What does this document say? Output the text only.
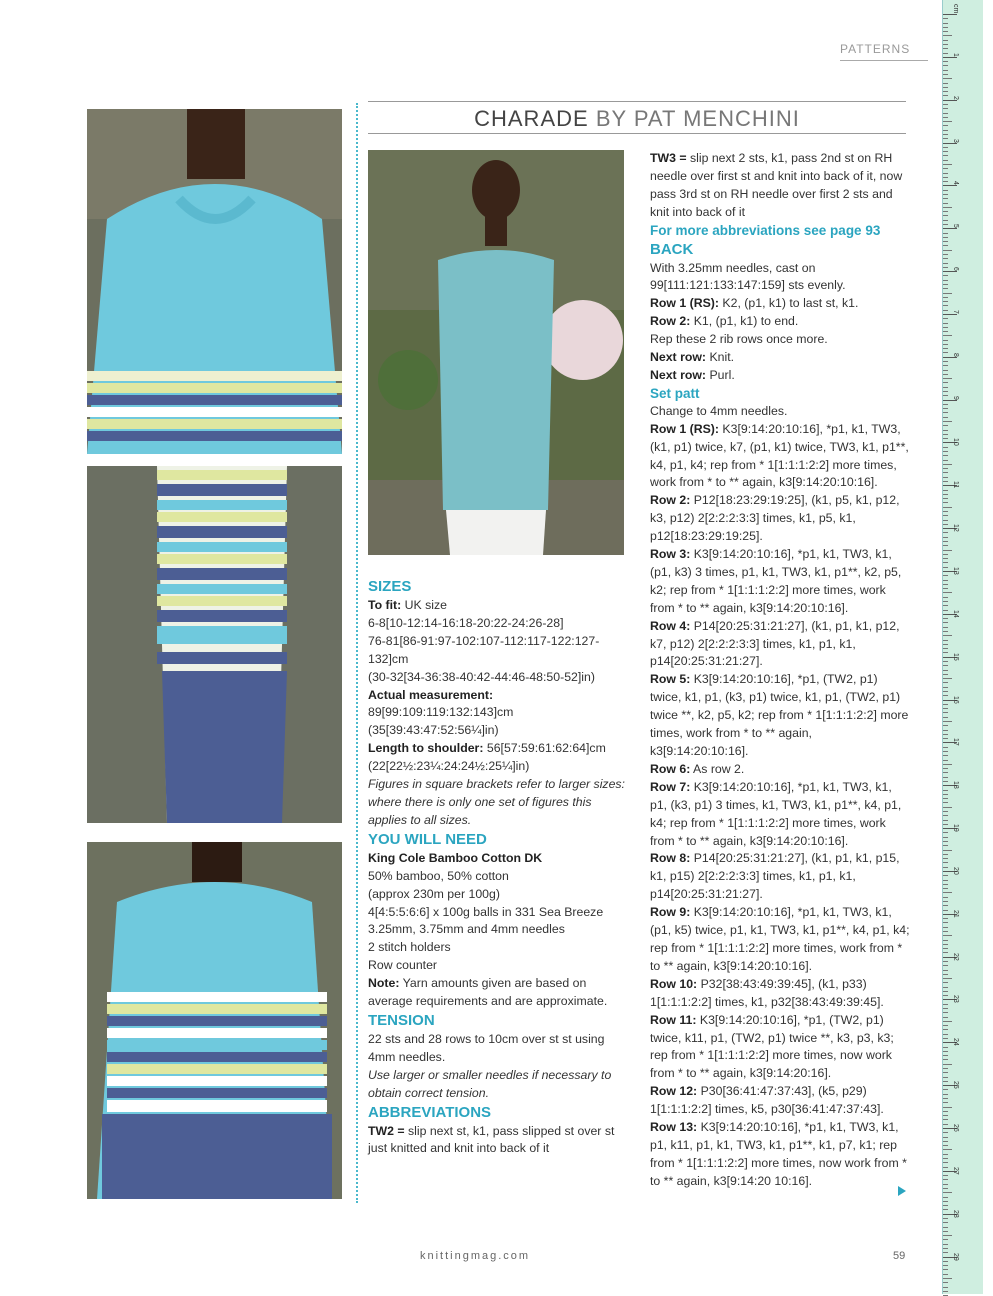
PATTERNS
CHARADE BY PAT MENCHINI

SIZES

To fit: UK size

6-8[10-12:14-16:18-20:22-24:26-28]

76-81[86-91:97-102:107-112:117-122:127-132]cm

(30-32[34-36:38-40:42-44:46-48:50-52]in)

Actual measurement:

89[99:109:119:132:143]cm

(35[39:43:47:52:56¼]in)

Length to shoulder: 56[57:59:61:62:64]cm

(22[22½:23¼:24:24½:25¼]in)

Figures in square brackets refer to larger sizes: where there is only one set of figures this applies to all sizes.

YOU WILL NEED

King Cole Bamboo Cotton DK

50% bamboo, 50% cotton

(approx 230m per 100g)

4[4:5:5:6:6] x 100g balls in 331 Sea Breeze

3.25mm, 3.75mm and 4mm needles

2 stitch holders

Row counter

Note: Yarn amounts given are based on average requirements and are approximate.

TENSION

22 sts and 28 rows to 10cm over st st using 4mm needles.

Use larger or smaller needles if necessary to obtain correct tension.

ABBREVIATIONS

TW2 = slip next st, k1, pass slipped st over st just knitted and knit into back of it

TW3 = slip next 2 sts, k1, pass 2nd st on RH needle over first st and knit into back of it, now pass 3rd st on RH needle over first 2 sts and knit into back of it

For more abbreviations see page 93

BACK

With 3.25mm needles, cast on 99[111:121:133:147:159] sts evenly.

Row 1 (RS): K2, (p1, k1) to last st, k1.

Row 2: K1, (p1, k1) to end.

Rep these 2 rib rows once more.

Next row: Knit.

Next row: Purl.

Set patt

Change to 4mm needles.

Row 1 (RS): K3[9:14:20:10:16], *p1, k1, TW3, (k1, p1) twice, k7, (p1, k1) twice, TW3, k1, p1**, k4, p1, k4; rep from * 1[1:1:1:2:2] more times, work from * to ** again, k3[9:14:20:10:16].

Row 2: P12[18:23:29:19:25], (k1, p5, k1, p12, k3, p12) 2[2:2:2:3:3] times, k1, p5, k1, p12[18:23:29:19:25].

Row 3: K3[9:14:20:10:16], *p1, k1, TW3, k1, (p1, k3) 3 times, p1, k1, TW3, k1, p1**, k2, p5, k2; rep from * 1[1:1:1:2:2] more times, work from * to ** again, k3[9:14:20:10:16].

Row 4: P14[20:25:31:21:27], (k1, p1, k1, p12, k7, p12) 2[2:2:2:3:3] times, k1, p1, k1, p14[20:25:31:21:27].

Row 5: K3[9:14:20:10:16], *p1, (TW2, p1) twice, k1, p1, (k3, p1) twice, k1, p1, (TW2, p1) twice **, k2, p5, k2; rep from * 1[1:1:1:2:2] more times, work from * to ** again, k3[9:14:20:10:16].

Row 6: As row 2.

Row 7: K3[9:14:20:10:16], *p1, k1, TW3, k1, p1, (k3, p1) 3 times, k1, TW3, k1, p1**, k4, p1, k4; rep from * 1[1:1:1:2:2] more times, work from * to ** again, k3[9:14:20:10:16].

Row 8: P14[20:25:31:21:27], (k1, p1, k1, p15, k1, p15) 2[2:2:2:3:3] times, k1, p1, k1, p14[20:25:31:21:27].

Row 9: K3[9:14:20:10:16], *p1, k1, TW3, k1, (p1, k5) twice, p1, k1, TW3, k1, p1**, k4, p1, k4; rep from * 1[1:1:1:2:2] more times, work from * to ** again, k3[9:14:20:10:16].

Row 10: P32[38:43:49:39:45], (k1, p33) 1[1:1:1:2:2] times, k1, p32[38:43:49:39:45].

Row 11: K3[9:14:20:10:16], *p1, (TW2, p1) twice, k11, p1, (TW2, p1) twice **, k3, p3, k3; rep from * 1[1:1:1:2:2] more times, now work from * to ** again, k3[9:14:20:16].

Row 12: P30[36:41:47:37:43], (k5, p29) 1[1:1:1:2:2] times, k5, p30[36:41:47:37:43].

Row 13: K3[9:14:20:10:16], *p1, k1, TW3, k1, p1, k11, p1, k1, TW3, k1, p1**, k1, p7, k1; rep from * 1[1:1:1:2:2] more times, now work from * to ** again, k3[9:14:20 10:16].

knittingmag.com	59
cm
1
2
3
4
5
6
7
8
9
10
11
12
13
14
15
16
17
18
19
20
21
22
23
24
25
26
27
28
29
